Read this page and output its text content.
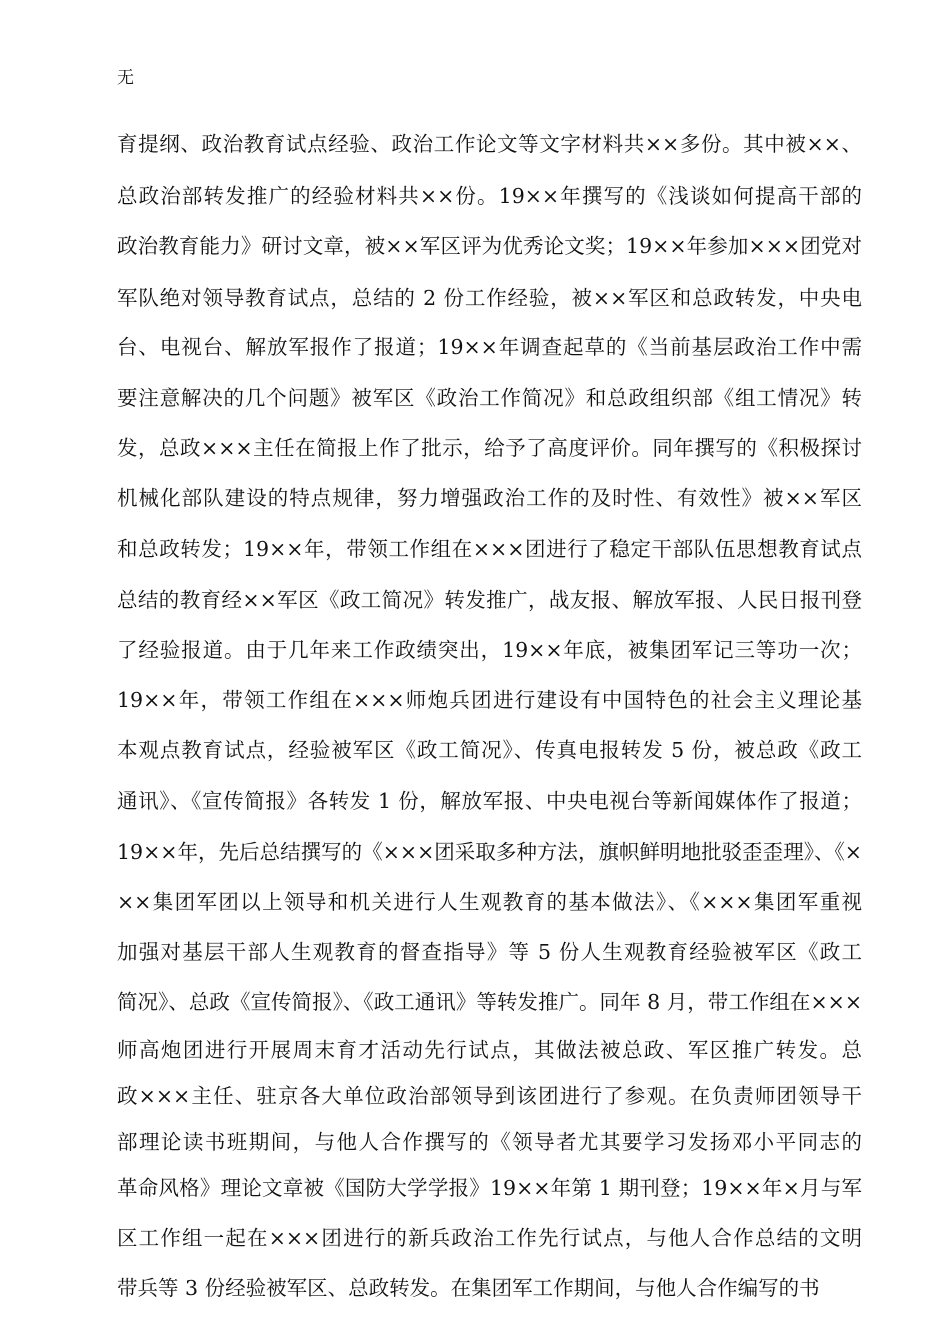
无
育提纲、政治教育试点经验、政治工作论文等文字材料共××多份。其中被××、
总政治部转发推广的经验材料共××份。19××年撰写的《浅谈如何提高干部的
政治教育能力》研讨文章，被××军区评为优秀论文奖；19××年参加×××团党对
军队绝对领导教育试点，总结的 2 份工作经验，被××军区和总政转发，中央电
台、电视台、解放军报作了报道；19××年调查起草的《当前基层政治工作中需
要注意解决的几个问题》被军区《政治工作简况》和总政组织部《组工情况》转
发，总政×××主任在简报上作了批示，给予了高度评价。同年撰写的《积极探讨
机械化部队建设的特点规律，努力增强政治工作的及时性、有效性》被××军区
和总政转发；19××年，带领工作组在×××团进行了稳定干部队伍思想教育试点
总结的教育经××军区《政工简况》转发推广，战友报、解放军报、人民日报刊登
了经验报道。由于几年来工作政绩突出，19××年底，被集团军记三等功一次；
19××年，带领工作组在×××师炮兵团进行建设有中国特色的社会主义理论基
本观点教育试点，经验被军区《政工简况》、传真电报转发 5 份，被总政《政工
通讯》、《宣传简报》各转发 1 份，解放军报、中央电视台等新闻媒体作了报道；
19××年，先后总结撰写的《×××团采取多种方法，旗帜鲜明地批驳歪歪理》、《×
××集团军团以上领导和机关进行人生观教育的基本做法》、《×××集团军重视
加强对基层干部人生观教育的督查指导》等 5 份人生观教育经验被军区《政工
简况》、总政《宣传简报》、《政工通讯》等转发推广。同年 8 月，带工作组在×××
师高炮团进行开展周末育才活动先行试点，其做法被总政、军区推广转发。总
政×××主任、驻京各大单位政治部领导到该团进行了参观。在负责师团领导干
部理论读书班期间，与他人合作撰写的《领导者尤其要学习发扬邓小平同志的
革命风格》理论文章被《国防大学学报》19××年第 1 期刊登；19××年×月与军
区工作组一起在×××团进行的新兵政治工作先行试点，与他人合作总结的文明
带兵等 3 份经验被军区、总政转发。在集团军工作期间，与他人合作编写的书
